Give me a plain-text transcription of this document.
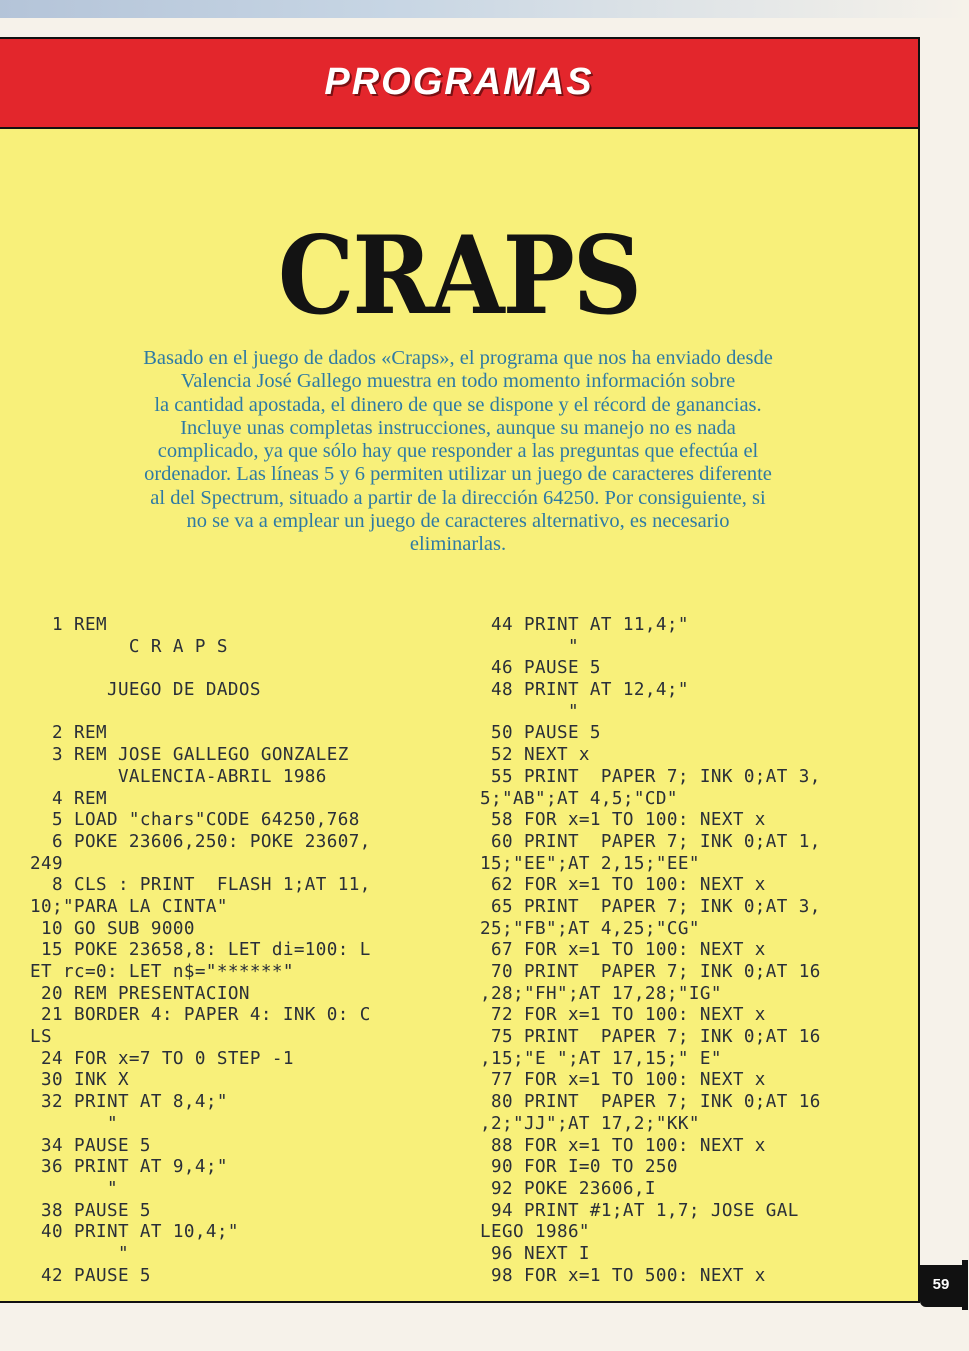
PROGRAMAS
CRAPS
Basado en el juego de dados «Craps», el programa que nos ha enviado desde
Valencia José Gallego muestra en todo momento información sobre
la cantidad apostada, el dinero de que se dispone y el récord de ganancias.
Incluye unas completas instrucciones, aunque su manejo no es nada
complicado, ya que sólo hay que responder a las preguntas que efectúa el
ordenador. Las líneas 5 y 6 permiten utilizar un juego de caracteres diferente
al del Spectrum, situado a partir de la dirección 64250. Por consiguiente, si
no se va a emplear un juego de caracteres alternativo, es necesario
eliminarlas.
1 REM
C R A P S
JUEGO DE DADOS
2 REM
3 REM JOSE GALLEGO GONZALEZ
VALENCIA-ABRIL 1986
4 REM
5 LOAD "chars"CODE 64250,768
6 POKE 23606,250: POKE 23607,
249
8 CLS : PRINT  FLASH 1;AT 11,
10;"PARA LA CINTA"
10 GO SUB 9000
15 POKE 23658,8: LET di=100: L
ET rc=0: LET n$="******"
20 REM PRESENTACION
21 BORDER 4: PAPER 4: INK 0: C
LS
24 FOR x=7 TO 0 STEP -1
30 INK X
32 PRINT AT 8,4;"
"
34 PAUSE 5
36 PRINT AT 9,4;"
"
38 PAUSE 5
40 PRINT AT 10,4;"
"
42 PAUSE 5
44 PRINT AT 11,4;"
"
46 PAUSE 5
48 PRINT AT 12,4;"
"
50 PAUSE 5
52 NEXT x
55 PRINT  PAPER 7; INK 0;AT 3,
5;"AB";AT 4,5;"CD"
58 FOR x=1 TO 100: NEXT x
60 PRINT  PAPER 7; INK 0;AT 1,
15;"EE";AT 2,15;"EE"
62 FOR x=1 TO 100: NEXT x
65 PRINT  PAPER 7; INK 0;AT 3,
25;"FB";AT 4,25;"CG"
67 FOR x=1 TO 100: NEXT x
70 PRINT  PAPER 7; INK 0;AT 16
,28;"FH";AT 17,28;"IG"
72 FOR x=1 TO 100: NEXT x
75 PRINT  PAPER 7; INK 0;AT 16
,15;"E ";AT 17,15;" E"
77 FOR x=1 TO 100: NEXT x
80 PRINT  PAPER 7; INK 0;AT 16
,2;"JJ";AT 17,2;"KK"
88 FOR x=1 TO 100: NEXT x
90 FOR I=0 TO 250
92 POKE 23606,I
94 PRINT #1;AT 1,7; JOSE GAL
LEGO 1986"
96 NEXT I
98 FOR x=1 TO 500: NEXT x	59
